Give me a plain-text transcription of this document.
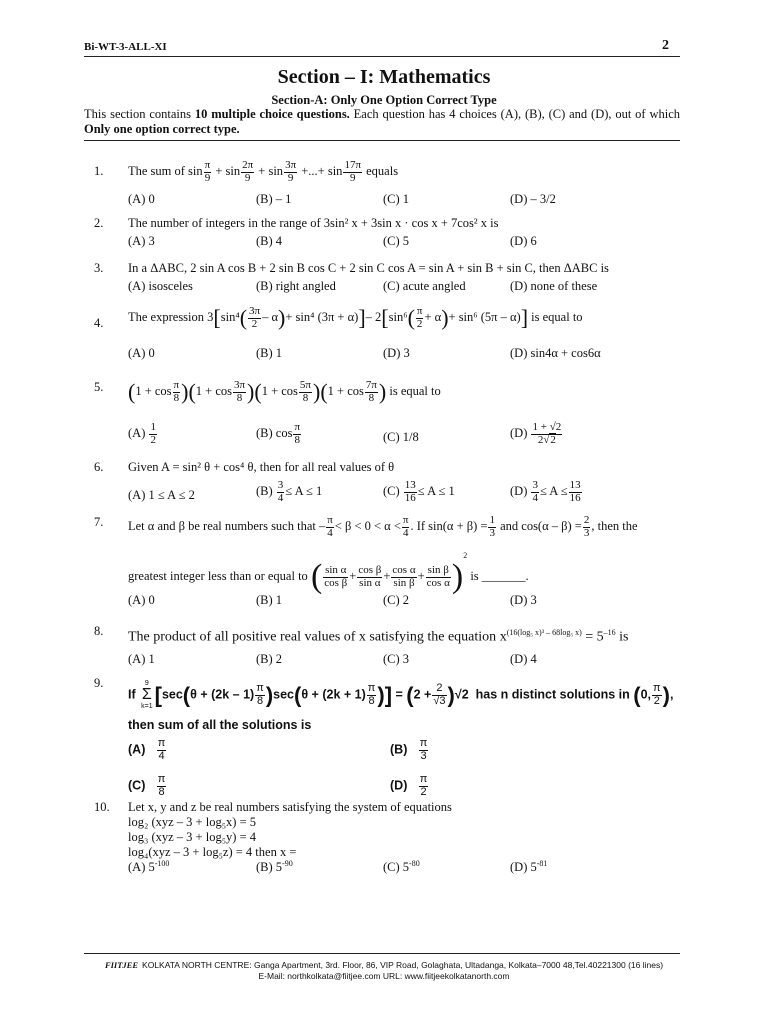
Bi-WT-3-ALL-XI	2
Section – I: Mathematics
Section-A: Only One Option Correct Type
This section contains 10 multiple choice questions. Each question has 4 choices (A), (B), (C) and (D), out of which Only one option correct type.
1. The sum of $\sin \frac{\pi}{9} + \sin \frac{2\pi}{9} + \sin \frac{3\pi}{9}$ +...+ $\sin \frac{17\pi}{9}$ equals
(A) 0	(B) – 1	(C) 1	(D) – 3/2
2. The number of integers in the range of 3sin² x + 3sin x · cos x + 7cos² x is
(A) 3	(B) 4	(C) 5	(D) 6
3. In a ΔABC, 2 sin A cos B + 2 sin B cos C + 2 sin C cos A = sin A + sin B + sin C, then ΔABC is
(A) isosceles	(B) right angled	(C) acute angled	(D) none of these
4. The expression $3[\sin^4( \frac{3\pi}{2} - \alpha)+ \sin^4$ (3π + α)]– $2[\sin^6( \frac{\pi}{2} + \alpha)+ \sin^6$ (5π – α)] is equal to
(A) 0	(B) 1	(D) 3	(D) sin4α + cos6α
5. $(1 + \cos \frac{\pi}{8} )(1 + \cos \frac{3\pi}{8} )(1 + \cos \frac{5\pi}{8} )(1 + \cos \frac{7\pi}{8}$ ) is equal to
$(A) \frac{1}{2}$	(B) $\cos \frac{\pi}{8}$	(C) 1/8	$(D) \frac{1 + √2}{2√2}$
6. Given A = sin² θ + cos⁴ θ, then for all real values of θ
(A) 1 ≤ A ≤ 2	$(B) \frac{3}{4} \le A \le 1$	$(C) \frac{13}{16} \le A \le 1$	$(D) \frac{3}{4} \le A \le \frac{13}{16}$
7. Let α and β be real numbers such that – $\frac{\pi}{4} < \beta < 0 < \alpha < \frac{\pi}{4}$ . If $\sin(\alpha + \beta) = \frac{1}{3}$ and $\cos(\alpha - \beta) = \frac{2}{3}$ , then the
greatest integer less than or equal to ( $\frac{\text{sin α}}{\text{cos β}} + \frac{\text{cos β}}{\text{sin α}} + \frac{\text{cos α}}{\text{sin β}} + \frac{\text{sin β}}{\text{cos α}} )^2$ is _______.
(A) 0	(B) 1	(C) 2	(D) 3
8. The product of all positive real values of x satisfying the equation $x^{(16(log_5 x)^3 - 68log_5 x)} = 5^{-16}$ is
(A) 1	(B) 2	(C) 3	(D) 4
9.
If
9
Σ
k=1 [$\sec(\theta + (2k - 1) \frac{\pi}{8} )\sec(\theta + (2k + 1) \frac{\pi}{8}$ )] = $(2 + \frac{2}{√3} )√2$ has n distinct solutions in (0, $\frac{\pi}{2}$ ),
then sum of all the solutions is
$(A) \frac{\pi}{4}$	$(B) \frac{\pi}{3}$
$(C) \frac{\pi}{8}$	$(D) \frac{\pi}{2}$
10. Let x, y and z be real numbers satisfying the system of equations
log₂ (xyz – 3 + log₅x) = 5
log₃ (xyz – 3 + log₅y) = 4
log₄(xyz – 3 + log₅z) = 4 then x =
(A) $5^{-100}$	(B) $5^{-90}$	(C) $5^{-80}$	(D) $5^{-81}$
FIITJEE KOLKATA NORTH CENTRE: Ganga Apartment, 3rd. Floor, 86, VIP Road, Golaghata, Ultadanga, Kolkata–7000 48,Tel.40221300 (16 lines)
E-Mail: northkolkata@fiitjee.com URL: www.fiitjeekolkatanorth.com
